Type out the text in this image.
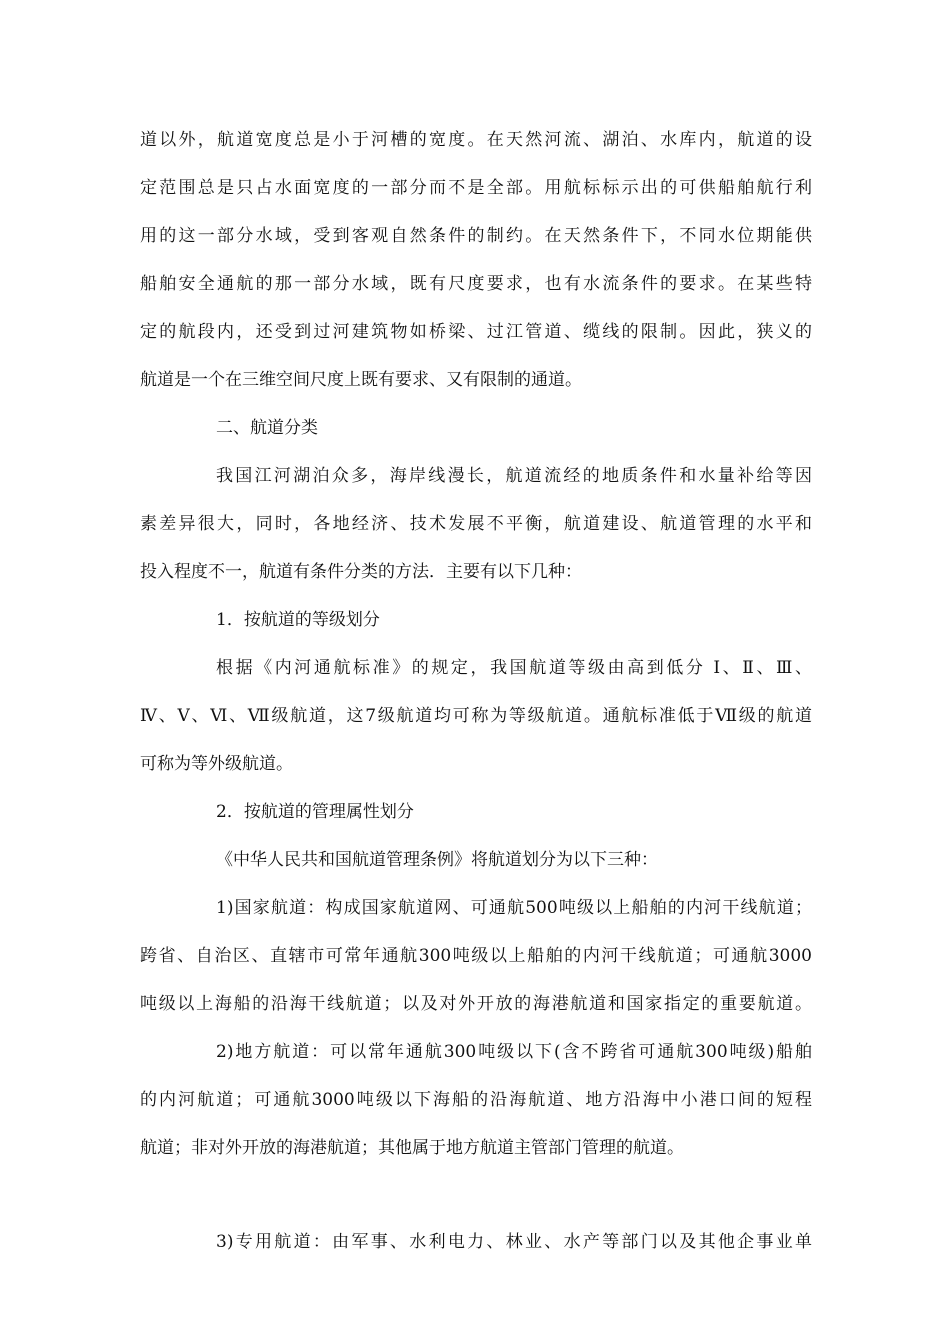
道以外，航道宽度总是小于河槽的宽度。在天然河流、湖泊、水库内，航道的设
定范围总是只占水面宽度的一部分而不是全部。用航标标示出的可供船舶航行利
用的这一部分水域，受到客观自然条件的制约。在天然条件下，不同水位期能供
船舶安全通航的那一部分水域，既有尺度要求，也有水流条件的要求。在某些特
定的航段内，还受到过河建筑物如桥梁、过江管道、缆线的限制。因此，狭义的
航道是一个在三维空间尺度上既有要求、又有限制的通道。
二、航道分类
我国江河湖泊众多，海岸线漫长，航道流经的地质条件和水量补给等因
素差异很大，同时，各地经济、技术发展不平衡，航道建设、航道管理的水平和
投入程度不一，航道有条件分类的方法．主要有以下几种：
1．按航道的等级划分
根据《内河通航标准》的规定，我国航道等级由高到低分 Ⅰ、Ⅱ、Ⅲ、
Ⅳ、Ⅴ、Ⅵ、Ⅶ级航道，这7级航道均可称为等级航道。通航标准低于Ⅶ级的航道
可称为等外级航道。
2．按航道的管理属性划分
《中华人民共和国航道管理条例》将航道划分为以下三种：
1)国家航道：构成国家航道网、可通航500吨级以上船舶的内河干线航道；
跨省、自治区、直辖市可常年通航300吨级以上船舶的内河干线航道；可通航3000
吨级以上海船的沿海干线航道；以及对外开放的海港航道和国家指定的重要航道。
2)地方航道：可以常年通航300吨级以下(含不跨省可通航300吨级)船舶
的内河航道；可通航3000吨级以下海船的沿海航道、地方沿海中小港口间的短程
航道；非对外开放的海港航道；其他属于地方航道主管部门管理的航道。
3)专用航道：由军事、水利电力、林业、水产等部门以及其他企事业单
